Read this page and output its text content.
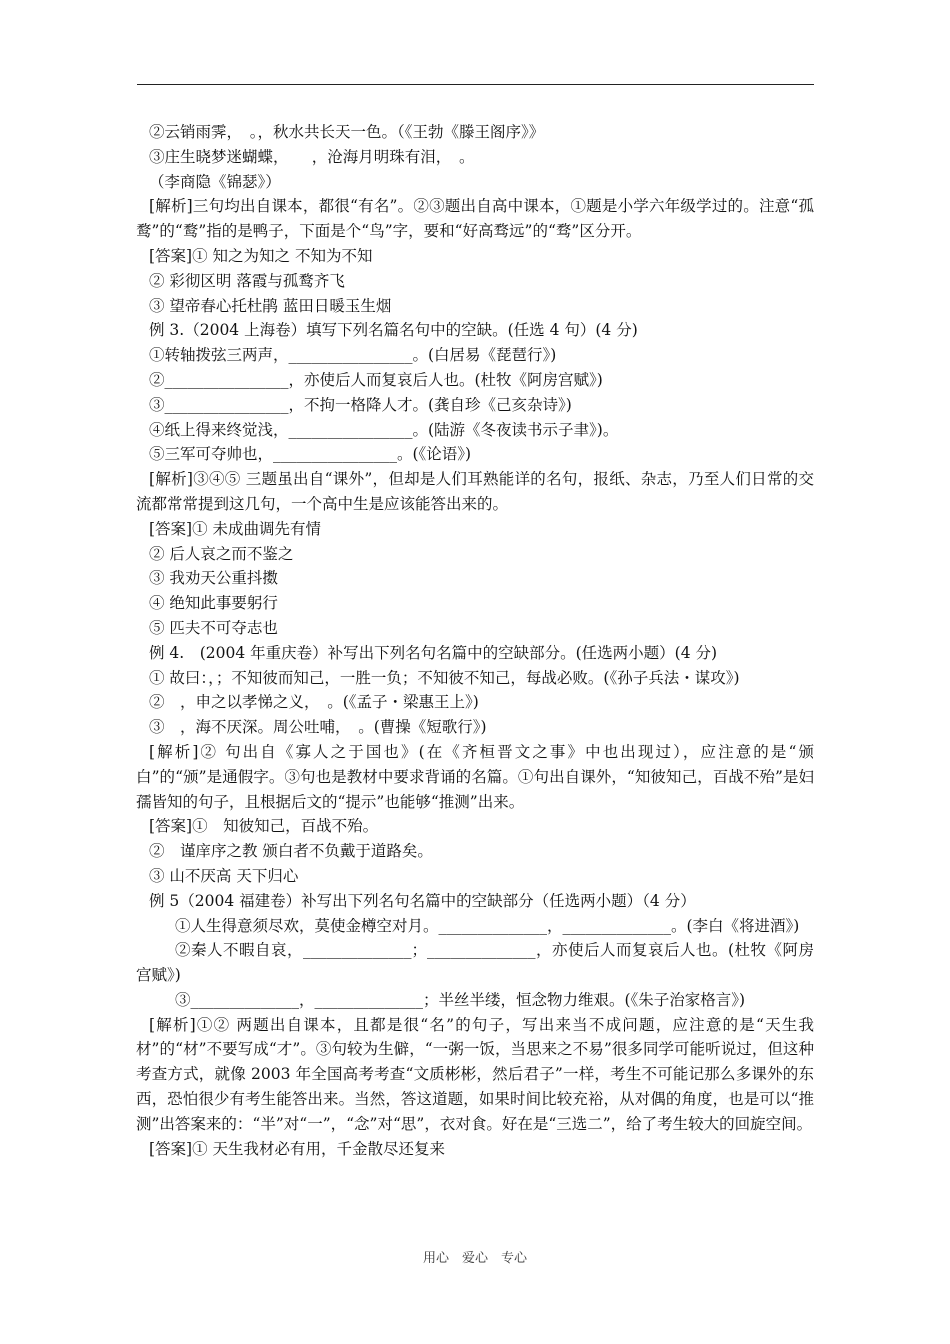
②云销雨霁，　。，秋水共长天一色。（《王勃《滕王阁序》》
③庄生晓梦迷蝴蝶，　　，沧海月明珠有泪，　。
（李商隐《锦瑟》）
[解析]三句均出自课本，都很“有名”。②③题出自高中课本，①题是小学六年级学过的。注意“孤鹜”的“鹜”指的是鸭子，下面是个“鸟”字，要和“好高骛远”的“骛”区分开。
[答案]① 知之为知之 不知为不知
② 彩彻区明 落霞与孤鹜齐飞
③ 望帝春心托杜鹃 蓝田日暖玉生烟
例 3.（2004 上海卷）填写下列名篇名句中的空缺。(任选 4 句）(4 分)
①转轴拨弦三两声，________________。(白居易《琵琶行》)
②________________，亦使后人而复哀后人也。(杜牧《阿房宫赋》)
③________________，不拘一格降人才。(龚自珍《己亥杂诗》)
④纸上得来终觉浅，________________。(陆游《冬夜读书示子聿》)。
⑤三军可夺帅也，________________。(《论语》)
[解析]③④⑤ 三题虽出自“课外”，但却是人们耳熟能详的名句，报纸、杂志，乃至人们日常的交流都常常提到这几句，一个高中生是应该能答出来的。
[答案]① 未成曲调先有情
② 后人哀之而不鉴之
③ 我劝天公重抖擞
④ 绝知此事要躬行
⑤ 匹夫不可夺志也
例 4.　(2004 年重庆卷）补写出下列名句名篇中的空缺部分。(任选两小题）(4 分)
① 故曰：，；不知彼而知己，一胜一负；不知彼不知己，每战必败。(《孙子兵法・谋攻》)
②　，申之以孝悌之义，　。(《孟子・梁惠王上》)
③　，海不厌深。周公吐哺，　。(曹操《短歌行》)
[解析]② 句出自《寡人之于国也》(在《齐桓晋文之事》中也出现过），应注意的是“颁白”的“颁”是通假字。③句也是教材中要求背诵的名篇。①句出自课外，“知彼知己，百战不殆”是妇孺皆知的句子，且根据后文的“提示”也能够“推测”出来。
[答案]①　知彼知己，百战不殆。
②　谨庠序之教 颁白者不负戴于道路矣。
③ 山不厌高 天下归心
例 5（2004 福建卷）补写出下列名句名篇中的空缺部分（任选两小题）（4 分）
①人生得意须尽欢，莫使金樽空对月。______________，______________。(李白《将进酒》)
②秦人不暇自哀，______________；______________，亦使后人而复哀后人也。(杜牧《阿房宫赋》)
③______________，______________；半丝半缕，恒念物力维艰。(《朱子治家格言》)
[解析]①② 两题出自课本，且都是很“名”的句子，写出来当不成问题，应注意的是“天生我材”的“材”不要写成“才”。③句较为生僻，“一粥一饭，当思来之不易”很多同学可能听说过，但这种考查方式，就像 2003 年全国高考考查“文质彬彬，然后君子”一样，考生不可能记那么多课外的东西，恐怕很少有考生能答出来。当然，答这道题，如果时间比较充裕，从对偶的角度，也是可以“推测”出答案来的：“半”对“一”，“念”对“思”，衣对食。好在是“三选二”，给了考生较大的回旋空间。
[答案]① 天生我材必有用，千金散尽还复来
用心　爱心　专心
